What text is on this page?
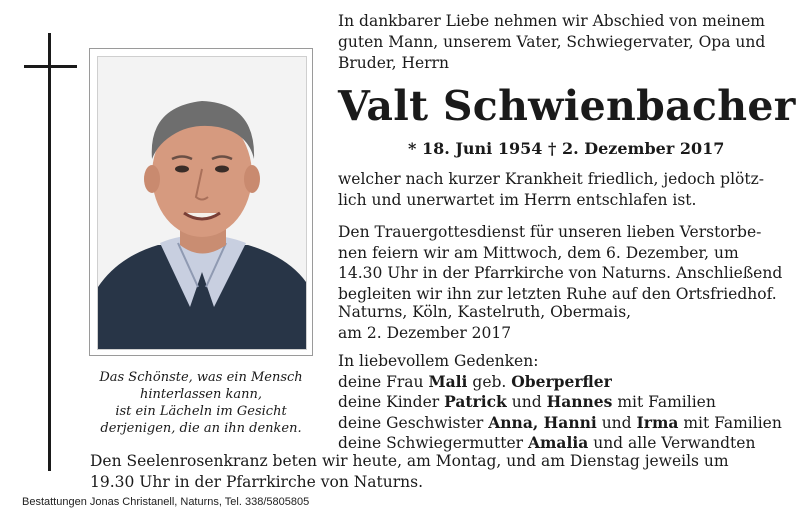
Das Schönste, was ein Mensch
hinterlassen kann,
ist ein Lächeln im Gesicht
derjenigen, die an ihn denken.
In dankbarer Liebe nehmen wir Abschied von meinem
guten Mann, unserem Vater, Schwiegervater, Opa und
Bruder, Herrn
Valt Schwienbacher
* 18. Juni 1954 † 2. Dezember 2017
welcher nach kurzer Krankheit friedlich, jedoch plötz-
lich und unerwartet im Herrn entschlafen ist.
Den Trauergottesdienst für unseren lieben Verstorbe-
nen feiern wir am Mittwoch, dem 6. Dezember, um
14.30 Uhr in der Pfarrkirche von Naturns. Anschließend
begleiten wir ihn zur letzten Ruhe auf den Ortsfriedhof.
Naturns, Köln, Kastelruth, Obermais,
am 2. Dezember 2017
In liebevollem Gedenken:
deine Frau Mali geb. Oberperfler
deine Kinder Patrick und Hannes mit Familien
deine Geschwister Anna, Hanni und Irma mit Familien
deine Schwiegermutter Amalia und alle Verwandten
Den Seelenrosenkranz beten wir heute, am Montag, und am Dienstag jeweils um
19.30 Uhr in der Pfarrkirche von Naturns.
Bestattungen Jonas Christanell, Naturns, Tel. 338/5805805
